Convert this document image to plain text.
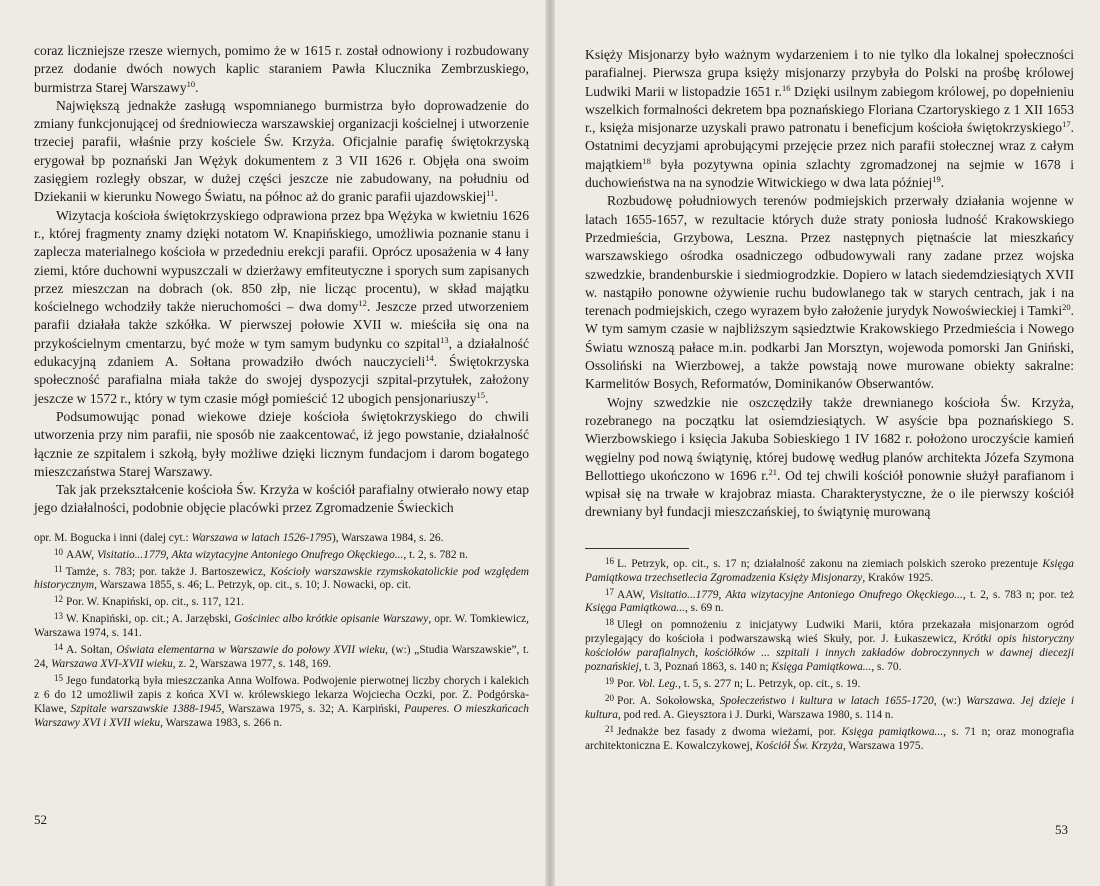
coraz liczniejsze rzesze wiernych, pomimo że w 1615 r. został odnowiony i rozbudowany przez dodanie dwóch nowych kaplic staraniem Pawła Klucznika Zembrzuskiego, burmistrza Starej Warszawy$^{10}$.

Największą jednakże zasługą wspomnianego burmistrza było doprowadzenie do zmiany funkcjonującej od średniowiecza warszawskiej organizacji kościelnej i utworzenie trzeciej parafii, właśnie przy kościele Św. Krzyża. Oficjalnie parafię świętokrzyską erygował bp poznański Jan Wężyk dokumentem z 3 VII 1626 r. Objęła ona swoim zasięgiem rozległy obszar, w dużej części jeszcze nie zabudowany, na południu od Dziekanii w kierunku Nowego Światu, na północ aż do granic parafii ujazdowskiej$^{11}$.

Wizytacja kościoła świętokrzyskiego odprawiona przez bpa Wężyka w kwietniu 1626 r., której fragmenty znamy dzięki notatom W. Knapińskiego, umożliwia poznanie stanu i zaplecza materialnego kościoła w przededniu erekcji parafii. Oprócz uposażenia w 4 łany ziemi, które duchowni wypuszczali w dzierżawy emfiteutyczne i sporych sum zapisanych przez mieszczan na dobrach (ok. 850 złp, nie licząc procentu), w skład majątku kościelnego wchodziły także nieruchomości – dwa domy$^{12}$. Jeszcze przed utworzeniem parafii działała także szkółka. W pierwszej połowie XVII w. mieściła się ona na przykościelnym cmentarzu, być może w tym samym budynku co szpital$^{13}$, a działalność edukacyjną zdaniem A. Sołtana prowadziło dwóch nauczycieli$^{14}$. Świętokrzyska społeczność parafialna miała także do swojej dyspozycji szpital-przytułek, założony jeszcze w 1572 r., który w tym czasie mógł pomieścić 12 ubogich pensjonariuszy$^{15}$.

Podsumowując ponad wiekowe dzieje kościoła świętokrzyskiego do chwili utworzenia przy nim parafii, nie sposób nie zaakcentować, iż jego powstanie, działalność łącznie ze szpitalem i szkołą, były możliwe dzięki licznym fundacjom i darom bogatego mieszczaństwa Starej Warszawy.

Tak jak przekształcenie kościoła Św. Krzyża w kościół parafialny otwierało nowy etap jego działalności, podobnie objęcie placówki przez Zgromadzenie Świeckich

opr. M. Bogucka i inni (dalej cyt.: Warszawa w latach 1526-1795), Warszawa 1984, s. 26.

$^{10}$ AAW, Visitatio...1779, Akta wizytacyjne Antoniego Onufrego Okęckiego..., t. 2, s. 782 n.

$^{11}$ Tamże, s. 783; por. także J. Bartoszewicz, Kościoły warszawskie rzymskokatolickie pod względem historycznym, Warszawa 1855, s. 46; L. Petrzyk, op. cit., s. 10; J. Nowacki, op. cit.

$^{12}$ Por. W. Knapiński, op. cit., s. 117, 121.

$^{13}$ W. Knapiński, op. cit.; A. Jarzębski, Gościniec albo krótkie opisanie Warszawy, opr. W. Tomkiewicz, Warszawa 1974, s. 141.

$^{14}$ A. Sołtan, Oświata elementarna w Warszawie do połowy XVII wieku, (w:) „Studia Warszawskie”, t. 24, Warszawa XVI-XVII wieku, z. 2, Warszawa 1977, s. 148, 169.

$^{15}$ Jego fundatorką była mieszczanka Anna Wolfowa. Podwojenie pierwotnej liczby chorych i kalekich z 6 do 12 umożliwił zapis z końca XVI w. królewskiego lekarza Wojciecha Oczki, por. Z. Podgórska-Klawe, Szpitale warszawskie 1388-1945, Warszawa 1975, s. 32; A. Karpiński, Pauperes. O mieszkańcach Warszawy XVI i XVII wieku, Warszawa 1983, s. 266 n.

52

Księży Misjonarzy było ważnym wydarzeniem i to nie tylko dla lokalnej społeczności parafialnej. Pierwsza grupa księży misjonarzy przybyła do Polski na prośbę królowej Ludwiki Marii w listopadzie 1651 r.$^{16}$ Dzięki usilnym zabiegom królowej, po dopełnieniu wszelkich formalności dekretem bpa poznańskiego Floriana Czartoryskiego z 1 XII 1653 r., księża misjonarze uzyskali prawo patronatu i beneficjum kościoła świętokrzyskiego$^{17}$. Ostatnimi decyzjami aprobującymi przejęcie przez nich parafii stołecznej wraz z całym majątkiem$^{18}$ była pozytywna opinia szlachty zgromadzonej na sejmie w 1678 i duchowieństwa na na synodzie Witwickiego w dwa lata później$^{19}$.

Rozbudowę południowych terenów podmiejskich przerwały działania wojenne w latach 1655-1657, w rezultacie których duże straty poniosła ludność Krakowskiego Przedmieścia, Grzybowa, Leszna. Przez następnych piętnaście lat mieszkańcy warszawskiego ośrodka osadniczego odbudowywali rany zadane przez wojska szwedzkie, brandenburskie i siedmiogrodzkie. Dopiero w latach siedemdziesiątych XVII w. nastąpiło ponowne ożywienie ruchu budowlanego tak w starych centrach, jak i na terenach podmiejskich, czego wyrazem było założenie jurydyk Nowoświeckiej i Tamki$^{20}$. W tym samym czasie w najbliższym sąsiedztwie Krakowskiego Przedmieścia i Nowego Światu wznoszą pałace m.in. podkarbi Jan Morsztyn, wojewoda pomorski Jan Gniński, Ossoliński na Wierzbowej, a także powstają nowe murowane obiekty sakralne: Karmelitów Bosych, Reformatów, Dominikanów Obserwantów.

Wojny szwedzkie nie oszczędziły także drewnianego kościoła Św. Krzyża, rozebranego na początku lat osiemdziesiątych. W asyście bpa poznańskiego S. Wierzbowskiego i księcia Jakuba Sobieskiego 1 IV 1682 r. położono uroczyście kamień węgielny pod nową świątynię, której budowę według planów architekta Józefa Szymona Bellottiego ukończono w 1696 r.$^{21}$. Od tej chwili kościół ponownie służył parafianom i wpisał się na trwałe w krajobraz miasta. Charakterystyczne, że o ile pierwszy kościół drewniany był fundacji mieszczańskiej, to świątynię murowaną

$^{16}$ L. Petrzyk, op. cit., s. 17 n; działalność zakonu na ziemiach polskich szeroko prezentuje Księga Pamiątkowa trzechsetlecia Zgromadzenia Księży Misjonarzy, Kraków 1925.

$^{17}$ AAW, Visitatio...1779, Akta wizytacyjne Antoniego Onufrego Okęckiego..., t. 2, s. 783 n; por. też Księga Pamiątkowa..., s. 69 n.

$^{18}$ Uległ on pomnożeniu z inicjatywy Ludwiki Marii, która przekazała misjonarzom ogród przylegający do kościoła i podwarszawską wieś Skuły, por. J. Łukaszewicz, Krótki opis historyczny kościołów parafialnych, kościółków ... szpitali i innych zakładów dobroczynnych w dawnej diecezji poznańskiej, t. 3, Poznań 1863, s. 140 n; Księga Pamiątkowa..., s. 70.

$^{19}$ Por. Vol. Leg., t. 5, s. 277 n; L. Petrzyk, op. cit., s. 19.

$^{20}$ Por. A. Sokołowska, Społeczeństwo i kultura w latach 1655-1720, (w:) Warszawa. Jej dzieje i kultura, pod red. A. Gieysztora i J. Durki, Warszawa 1980, s. 114 n.

$^{21}$ Jednakże bez fasady z dwoma wieżami, por. Księga pamiątkowa..., s. 71 n; oraz monografia architektoniczna E. Kowalczykowej, Kościół Św. Krzyża, Warszawa 1975.

53
